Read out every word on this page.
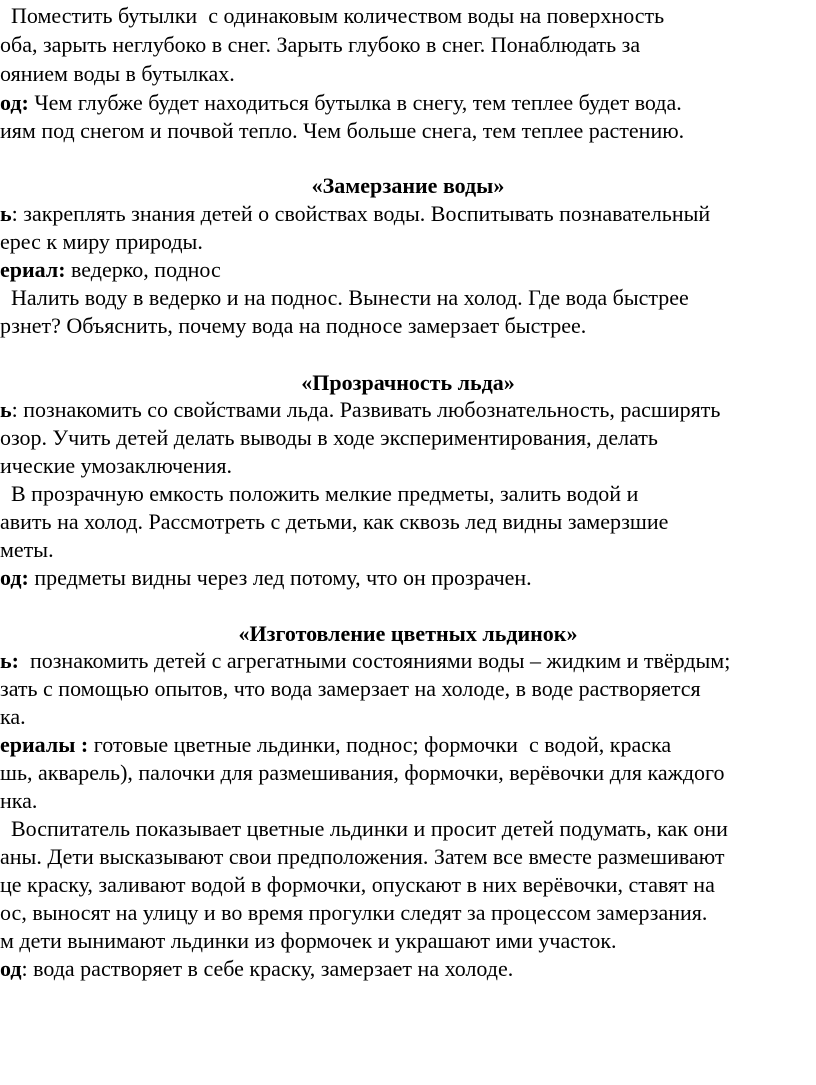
Поместить бутылки  с одинаковым количеством воды на поверхность
оба, зарыть неглубоко в снег. Зарыть глубоко в снег. Понаблюдать за
ояниeм воды в бутылках.
од: Чем глубже будет находиться бутылка в снегу, тем теплее будет вода.
иям под снегом и почвой тепло. Чем больше снега, тем теплее растению.
«Замерзание воды»
ь: закреплять знания детей о свойствах воды. Воспитывать познавательный
ерес к миру природы.
ериал: ведерко, поднос
Налить воду в ведерко и на поднос. Вынести на холод. Где вода быстрее
рзнет? Объяснить, почему вода на подносе замерзает быстрее.
«Прозрачность льда»
ь: познакомить со свойствами льда. Развивать любознательность, расширять
озор. Учить детей делать выводы в ходе экспериментирования, делать
ические умозаключения.
В прозрачную емкость положить мелкие предметы, залить водой и
авить на холод. Рассмотреть с детьми, как сквозь лед видны замерзшие
меты.
од: предметы видны через лед потому, что он прозрачен.
«Изготовление цветных льдинок»
ь:  познакомить детей с агрегатными состояниями воды – жидким и твёрдым;
зать с помощью опытов, что вода замерзает на холоде, в воде растворяется
ка.
ериалы : готовые цветные льдинки, поднос; формочки  с водой, краска
шь, акварель), палочки для размешивания, формочки, верёвочки для каждого
нка.
Воспитатель показывает цветные льдинки и просит детей подумать, как они
аны. Дети высказывают свои предположения. Затем все вместе размешивают
це краску, заливают водой в формочки, опускают в них верёвочки, ставят на
ос, выносят на улицу и во время прогулки следят за процессом замерзания.
м дети вынимают льдинки из формочек и украшают ими участок.
од: вода растворяет в себе краску, замерзает на холоде.
